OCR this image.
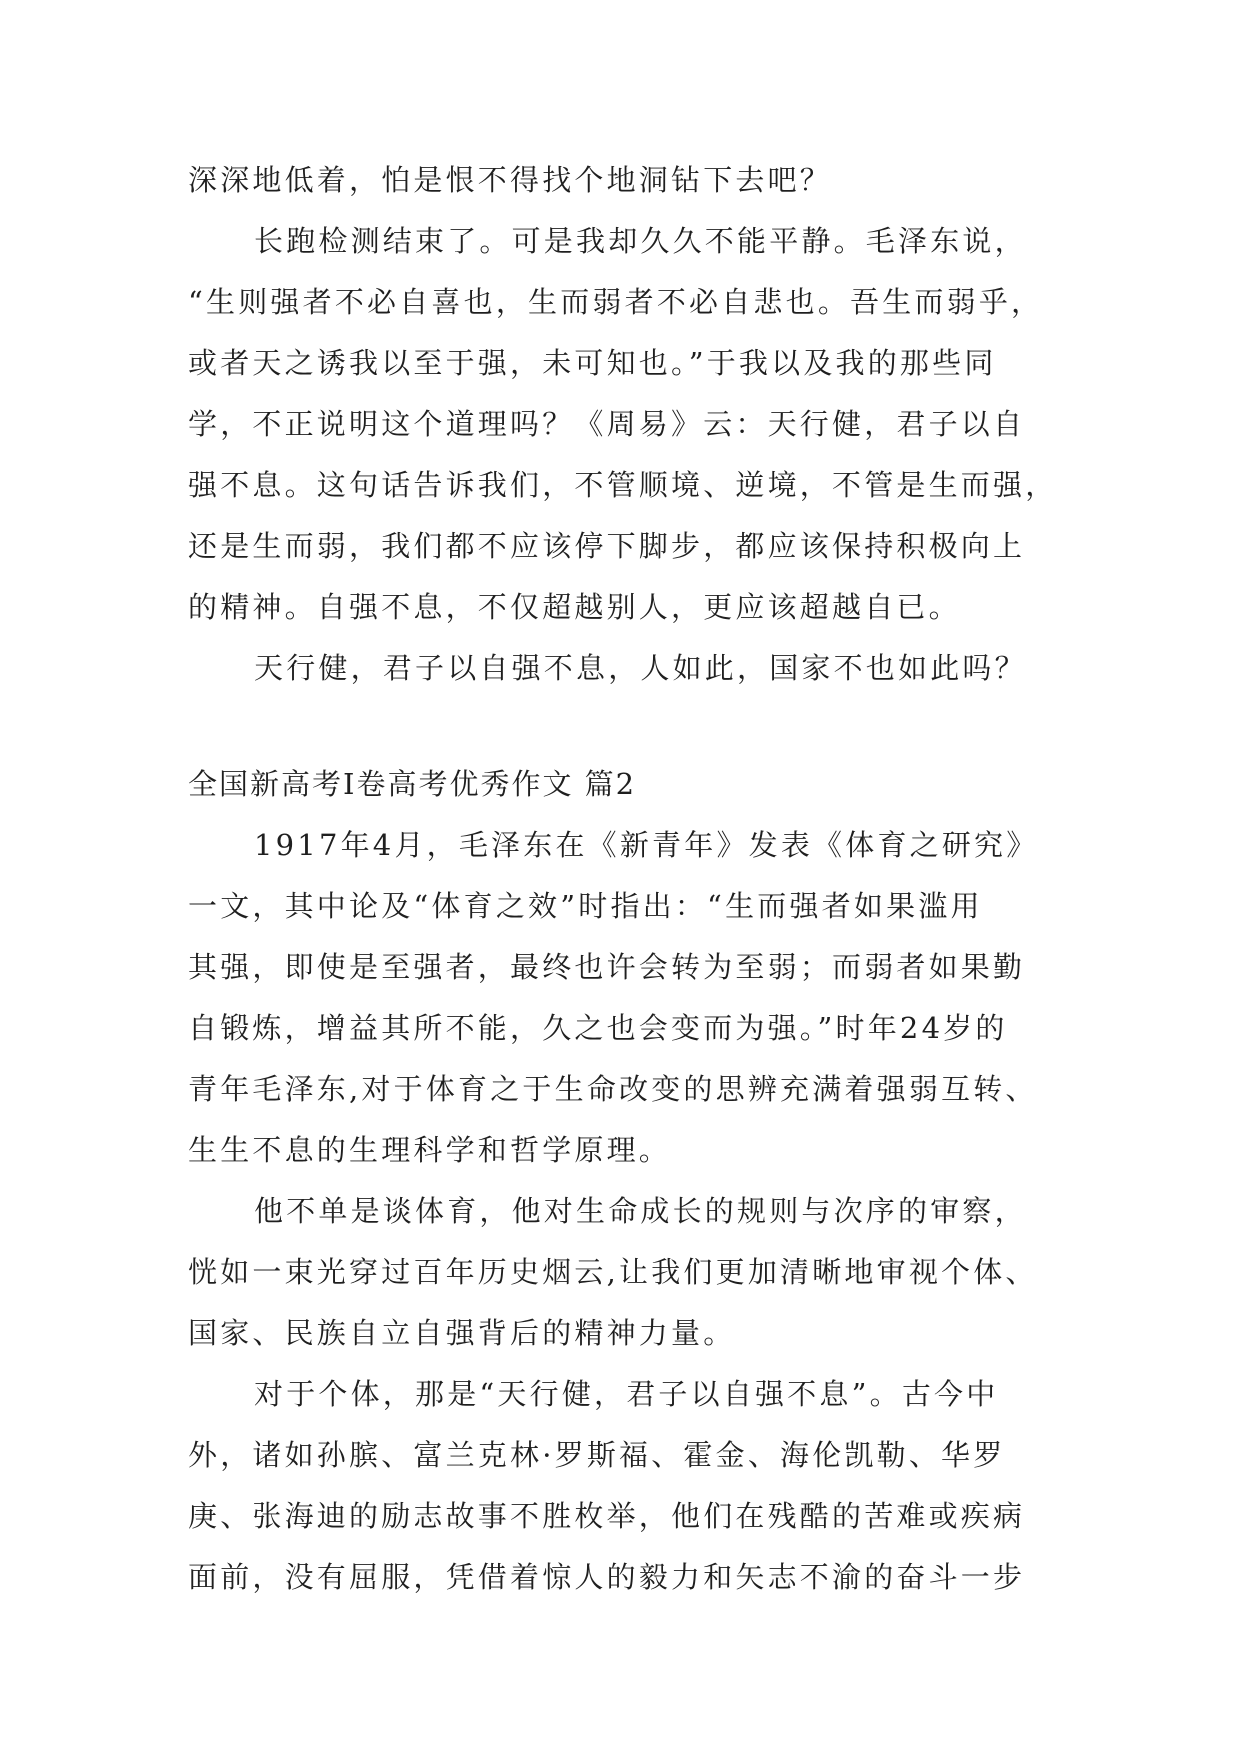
深深地低着，怕是恨不得找个地洞钻下去吧？

长跑检测结束了。可是我却久久不能平静。毛泽东说，

“生则强者不必自喜也，生而弱者不必自悲也。吾生而弱乎，

或者天之诱我以至于强，未可知也。”于我以及我的那些同

学，不正说明这个道理吗？《周易》云：天行健，君子以自

强不息。这句话告诉我们，不管顺境、逆境，不管是生而强，

还是生而弱，我们都不应该停下脚步，都应该保持积极向上

的精神。自强不息，不仅超越别人，更应该超越自已。

天行健，君子以自强不息，人如此，国家不也如此吗？

全国新高考Ⅰ卷高考优秀作文 篇2

1917年4月，毛泽东在《新青年》发表《体育之研究》

一文，其中论及“体育之效”时指出：“生而强者如果滥用

其强，即使是至强者，最终也许会转为至弱；而弱者如果勤

自锻炼，增益其所不能，久之也会变而为强。”时年24岁的

青年毛泽东,对于体育之于生命改变的思辨充满着强弱互转、

生生不息的生理科学和哲学原理。

他不单是谈体育，他对生命成长的规则与次序的审察，

恍如一束光穿过百年历史烟云,让我们更加清晰地审视个体、

国家、民族自立自强背后的精神力量。

对于个体，那是“天行健，君子以自强不息”。古今中

外，诸如孙膑、富兰克林·罗斯福、霍金、海伦凯勒、华罗

庚、张海迪的励志故事不胜枚举，他们在残酷的苦难或疾病

面前，没有屈服，凭借着惊人的毅力和矢志不渝的奋斗一步
